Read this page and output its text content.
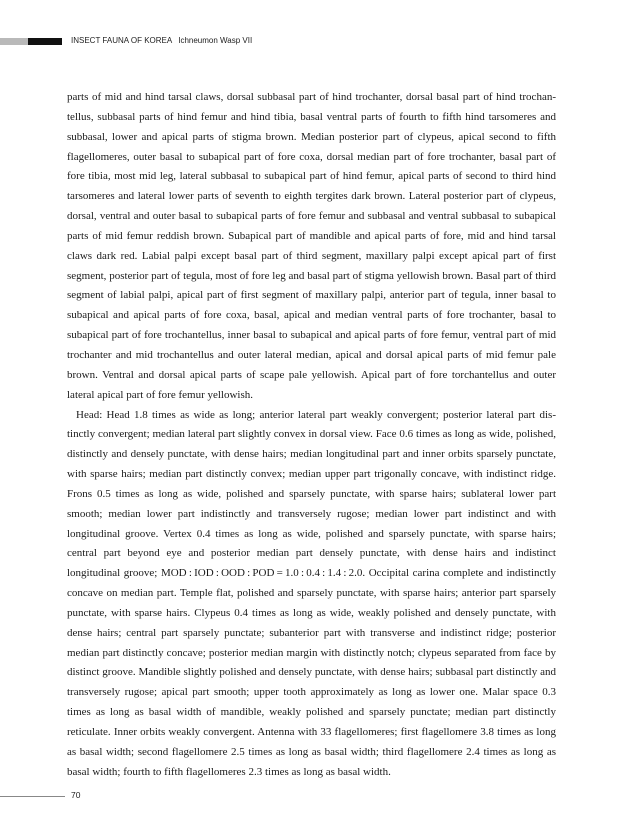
INSECT FAUNA OF KOREA Ichneumon Wasp VII

parts of mid and hind tarsal claws, dorsal subbasal part of hind trochanter, dorsal basal part of hind trochantellus, subbasal parts of hind femur and hind tibia, basal ventral parts of fourth to fifth hind tarsomeres and subbasal, lower and apical parts of stigma brown. Median posterior part of clypeus, apical second to fifth flagellomeres, outer basal to subapical part of fore coxa, dorsal median part of fore trochanter, basal part of fore tibia, most mid leg, lateral subbasal to subapical part of hind femur, apical parts of second to third hind tarsomeres and lateral lower parts of seventh to eighth tergites dark brown. Lateral posterior part of clypeus, dorsal, ventral and outer basal to subapical parts of fore femur and subbasal and ventral subbasal to subapical parts of mid femur reddish brown. Subapical part of mandible and apical parts of fore, mid and hind tarsal claws dark red. Labial palpi except basal part of third segment, maxillary palpi except apical part of first segment, posterior part of tegula, most of fore leg and basal part of stigma yellowish brown. Basal part of third segment of labial palpi, apical part of first segment of maxillary palpi, anterior part of tegula, inner basal to subapical and apical parts of fore coxa, basal, apical and median ventral parts of fore trochanter, basal to subapical part of fore trochantellus, inner basal to subapical and apical parts of fore femur, ventral part of mid trochanter and mid trochantellus and outer lateral median, apical and dorsal apical parts of mid femur pale brown. Ventral and dorsal apical parts of scape pale yellowish. Apical part of fore torchantellus and outer lateral apical part of fore femur yellowish.

Head: Head 1.8 times as wide as long; anterior lateral part weakly convergent; posterior lateral part distinctly convergent; median lateral part slightly convex in dorsal view. Face 0.6 times as long as wide, polished, distinctly and densely punctate, with dense hairs; median longitudinal part and inner orbits sparsely punctate, with sparse hairs; median part distinctly convex; median upper part trigonally concave, with indistinct ridge. Frons 0.5 times as long as wide, polished and sparsely punctate, with sparse hairs; sublateral lower part smooth; median lower part indistinctly and transversely rugose; median lower part indistinct and with longitudinal groove. Vertex 0.4 times as long as wide, polished and sparsely punctate, with sparse hairs; central part beyond eye and posterior median part densely punctate, with dense hairs and indistinct longitudinal groove; MOD : IOD : OOD : POD = 1.0 : 0.4 : 1.4 : 2.0. Occipital carina complete and indistinctly concave on median part. Temple flat, polished and sparsely punctate, with sparse hairs; anterior part sparsely punctate, with sparse hairs. Clypeus 0.4 times as long as wide, weakly polished and densely punctate, with dense hairs; central part sparsely punctate; subanterior part with transverse and indistinct ridge; posterior median part distinctly concave; posterior median margin with distinctly notch; clypeus separated from face by distinct groove. Mandible slightly polished and densely punctate, with dense hairs; subbasal part distinctly and transversely rugose; apical part smooth; upper tooth approximately as long as lower one. Malar space 0.3 times as long as basal width of mandible, weakly polished and sparsely punctate; median part distinctly reticulate. Inner orbits weakly convergent. Antenna with 33 flagellomeres; first flagellomere 3.8 times as long as basal width; second flagellomere 2.5 times as long as basal width; third flagellomere 2.4 times as long as basal width; fourth to fifth flagellomeres 2.3 times as long as basal width.

70
